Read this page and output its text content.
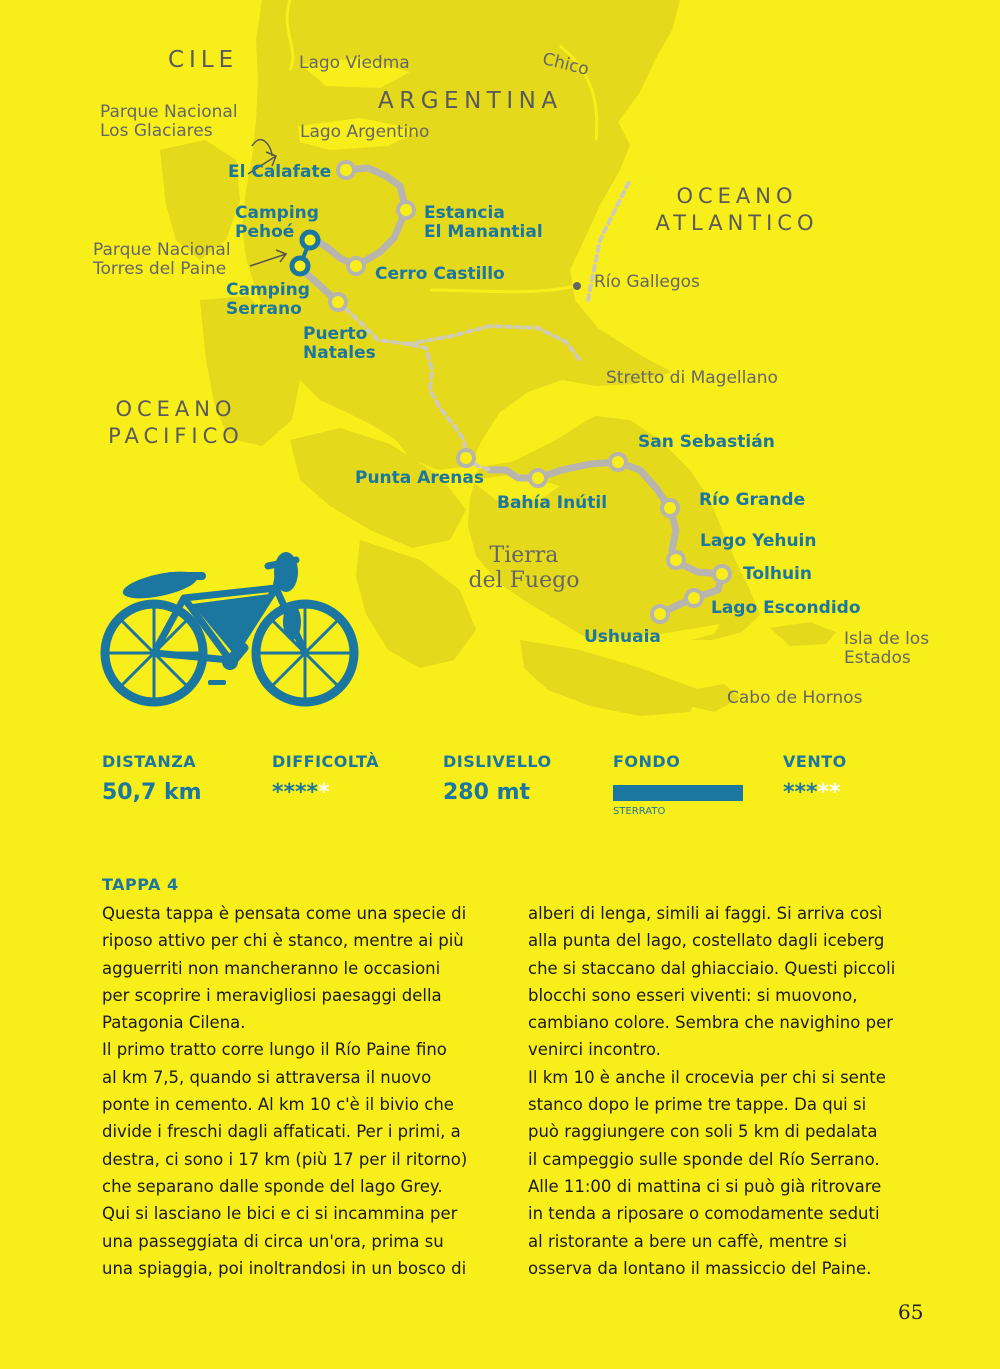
CILE
ARGENTINA
OCEANO
ATLANTICO
OCEANO
PACIFICO
Lago Viedma	Chico
Lago Argentino
Parque Nacional
Los Glaciares
Parque Nacional
Torres del Paine
Río Gallegos
Stretto di Magellano
Isla de los
Estados
Cabo de Hornos
Tierra
del Fuego
El Calafate
Estancia
El Manantial
Camping
Pehoé
Cerro Castillo
Camping
Serrano
Puerto
Natales
Punta Arenas
Bahía Inútil
San Sebastián
Río Grande
Lago Yehuin
Tolhuin
Lago Escondido
Ushuaia
DISTANZA
50,7 km
DIFFICOLTÀ
*****
DISLIVELLO
280 mt
FONDO
STERRATO
VENTO
*****
TAPPA 4
Questa tappa è pensata come una specie di
riposo attivo per chi è stanco, mentre ai più
agguerriti non mancheranno le occasioni
per scoprire i meravigliosi paesaggi della
Patagonia Cilena.
Il primo tratto corre lungo il Río Paine fino
al km 7,5, quando si attraversa il nuovo
ponte in cemento. Al km 10 c'è il bivio che
divide i freschi dagli affaticati. Per i primi, a
destra, ci sono i 17 km (più 17 per il ritorno)
che separano dalle sponde del lago Grey.
Qui si lasciano le bici e ci si incammina per
una passeggiata di circa un'ora, prima su
una spiaggia, poi inoltrandosi in un bosco di
alberi di lenga, simili ai faggi. Si arriva così
alla punta del lago, costellato dagli iceberg
che si staccano dal ghiacciaio. Questi piccoli
blocchi sono esseri viventi: si muovono,
cambiano colore. Sembra che navighino per
venirci incontro.
Il km 10 è anche il crocevia per chi si sente
stanco dopo le prime tre tappe. Da qui si
può raggiungere con soli 5 km di pedalata
il campeggio sulle sponde del Río Serrano.
Alle 11:00 di mattina ci si può già ritrovare
in tenda a riposare o comodamente seduti
al ristorante a bere un caffè, mentre si
osserva da lontano il massiccio del Paine.
65
